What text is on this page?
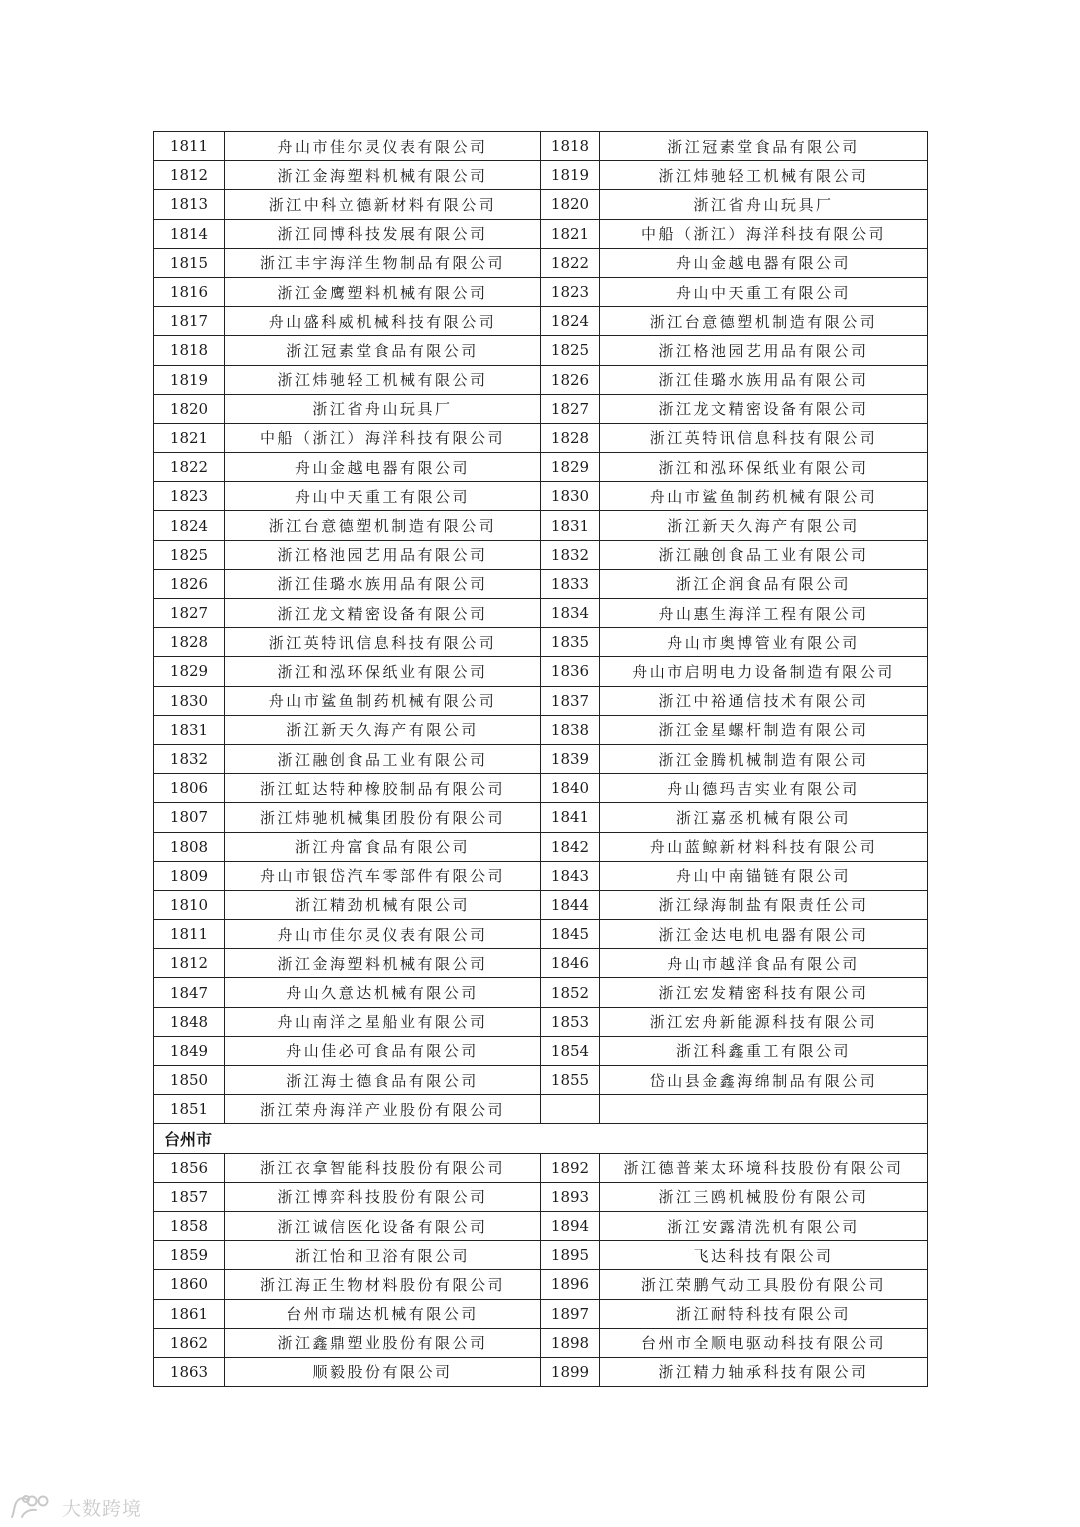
1811	舟山市佳尔灵仪表有限公司	1818	浙江冠素堂食品有限公司
1812	浙江金海塑料机械有限公司	1819	浙江炜驰轻工机械有限公司
1813	浙江中科立德新材料有限公司	1820	浙江省舟山玩具厂
1814	浙江同博科技发展有限公司	1821	中船（浙江）海洋科技有限公司
1815	浙江丰宇海洋生物制品有限公司	1822	舟山金越电器有限公司
1816	浙江金鹰塑料机械有限公司	1823	舟山中天重工有限公司
1817	舟山盛科威机械科技有限公司	1824	浙江台意德塑机制造有限公司
1818	浙江冠素堂食品有限公司	1825	浙江格池园艺用品有限公司
1819	浙江炜驰轻工机械有限公司	1826	浙江佳璐水族用品有限公司
1820	浙江省舟山玩具厂	1827	浙江龙文精密设备有限公司
1821	中船（浙江）海洋科技有限公司	1828	浙江英特讯信息科技有限公司
1822	舟山金越电器有限公司	1829	浙江和泓环保纸业有限公司
1823	舟山中天重工有限公司	1830	舟山市鲨鱼制药机械有限公司
1824	浙江台意德塑机制造有限公司	1831	浙江新天久海产有限公司
1825	浙江格池园艺用品有限公司	1832	浙江融创食品工业有限公司
1826	浙江佳璐水族用品有限公司	1833	浙江企润食品有限公司
1827	浙江龙文精密设备有限公司	1834	舟山惠生海洋工程有限公司
1828	浙江英特讯信息科技有限公司	1835	舟山市奥博管业有限公司
1829	浙江和泓环保纸业有限公司	1836	舟山市启明电力设备制造有限公司
1830	舟山市鲨鱼制药机械有限公司	1837	浙江中裕通信技术有限公司
1831	浙江新天久海产有限公司	1838	浙江金星螺杆制造有限公司
1832	浙江融创食品工业有限公司	1839	浙江金腾机械制造有限公司
1806	浙江虹达特种橡胶制品有限公司	1840	舟山德玛吉实业有限公司
1807	浙江炜驰机械集团股份有限公司	1841	浙江嘉丞机械有限公司
1808	浙江舟富食品有限公司	1842	舟山蓝鲸新材料科技有限公司
1809	舟山市银岱汽车零部件有限公司	1843	舟山中南锚链有限公司
1810	浙江精劲机械有限公司	1844	浙江绿海制盐有限责任公司
1811	舟山市佳尔灵仪表有限公司	1845	浙江金达电机电器有限公司
1812	浙江金海塑料机械有限公司	1846	舟山市越洋食品有限公司
1847	舟山久意达机械有限公司	1852	浙江宏发精密科技有限公司
1848	舟山南洋之星船业有限公司	1853	浙江宏舟新能源科技有限公司
1849	舟山佳必可食品有限公司	1854	浙江科鑫重工有限公司
1850	浙江海士德食品有限公司	1855	岱山县金鑫海绵制品有限公司
1851	浙江荣舟海洋产业股份有限公司		
台州市			
1856	浙江衣拿智能科技股份有限公司	1892	浙江德普莱太环境科技股份有限公司
1857	浙江博弈科技股份有限公司	1893	浙江三鸥机械股份有限公司
1858	浙江诚信医化设备有限公司	1894	浙江安露清洗机有限公司
1859	浙江怡和卫浴有限公司	1895	飞达科技有限公司
1860	浙江海正生物材料股份有限公司	1896	浙江荣鹏气动工具股份有限公司
1861	台州市瑞达机械有限公司	1897	浙江耐特科技有限公司
1862	浙江鑫鼎塑业股份有限公司	1898	台州市全顺电驱动科技有限公司
1863	顺毅股份有限公司	1899	浙江精力轴承科技有限公司
大数跨境
